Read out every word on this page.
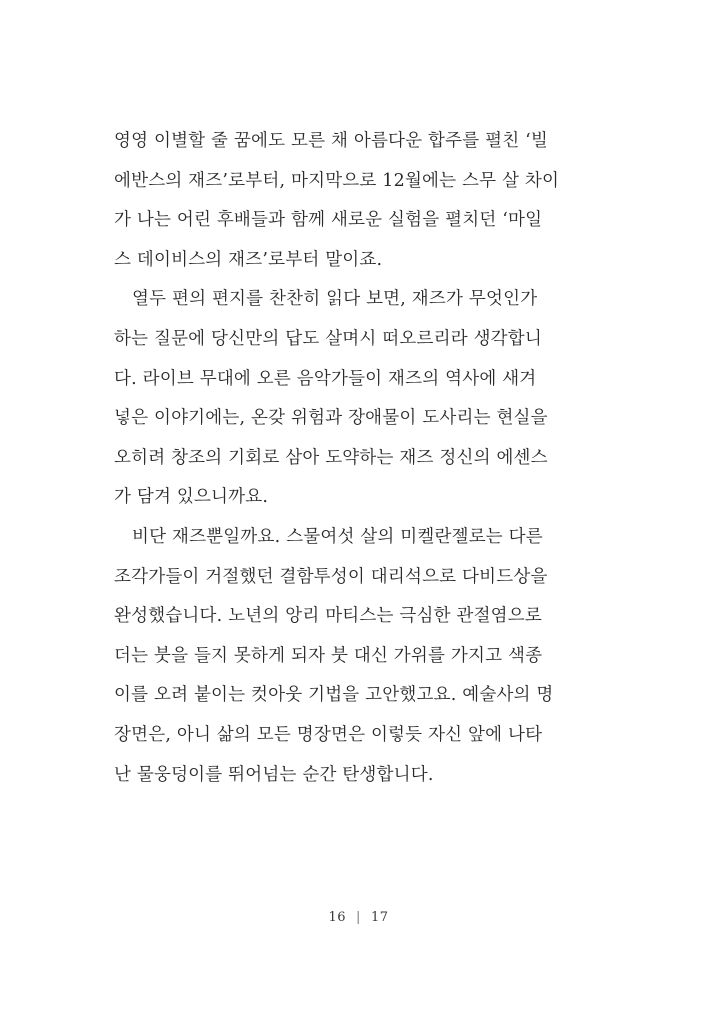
영영 이별할 줄 꿈에도 모른 채 아름다운 합주를 펼친 ‘빌
에반스의 재즈’로부터, 마지막으로 12월에는 스무 살 차이
가 나는 어린 후배들과 함께 새로운 실험을 펼치던 ‘마일
스 데이비스의 재즈’로부터 말이죠.
열두 편의 편지를 찬찬히 읽다 보면, 재즈가 무엇인가
하는 질문에 당신만의 답도 살며시 떠오르리라 생각합니
다. 라이브 무대에 오른 음악가들이 재즈의 역사에 새겨
넣은 이야기에는, 온갖 위험과 장애물이 도사리는 현실을
오히려 창조의 기회로 삼아 도약하는 재즈 정신의 에센스
가 담겨 있으니까요.
비단 재즈뿐일까요. 스물여섯 살의 미켈란젤로는 다른
조각가들이 거절했던 결함투성이 대리석으로 다비드상을
완성했습니다. 노년의 앙리 마티스는 극심한 관절염으로
더는 붓을 들지 못하게 되자 붓 대신 가위를 가지고 색종
이를 오려 붙이는 컷아웃 기법을 고안했고요. 예술사의 명
장면은, 아니 삶의 모든 명장면은 이렇듯 자신 앞에 나타
난 물웅덩이를 뛰어넘는 순간 탄생합니다.
16 | 17
